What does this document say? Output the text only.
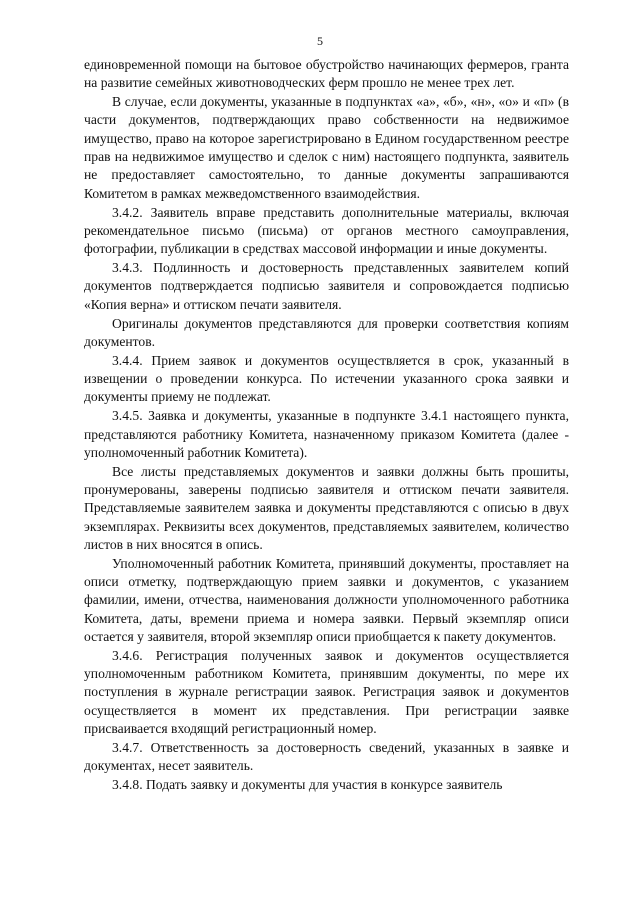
5

единовременной помощи на бытовое обустройство начинающих фермеров, гранта на развитие семейных животноводческих ферм прошло не менее трех лет.

В случае, если документы, указанные в подпунктах «а», «б», «н», «о» и «п» (в части документов, подтверждающих право собственности на недвижимое имущество, право на которое зарегистрировано в Едином государственном реестре прав на недвижимое имущество и сделок с ним) настоящего подпункта, заявитель не предоставляет самостоятельно, то данные документы запрашиваются Комитетом в рамках межведомственного взаимодействия.

3.4.2. Заявитель вправе представить дополнительные материалы, включая рекомендательное письмо (письма) от органов местного самоуправления, фотографии, публикации в средствах массовой информации и иные документы.

3.4.3. Подлинность и достоверность представленных заявителем копий документов подтверждается подписью заявителя и сопровождается подписью «Копия верна» и оттиском печати заявителя.

Оригиналы документов представляются для проверки соответствия копиям документов.

3.4.4. Прием заявок и документов осуществляется в срок, указанный в извещении о проведении конкурса. По истечении указанного срока заявки и документы приему не подлежат.

3.4.5. Заявка и документы, указанные в подпункте 3.4.1 настоящего пункта, представляются работнику Комитета, назначенному приказом Комитета (далее - уполномоченный работник Комитета).

Все листы представляемых документов и заявки должны быть прошиты, пронумерованы, заверены подписью заявителя и оттиском печати заявителя. Представляемые заявителем заявка и документы представляются с описью в двух экземплярах. Реквизиты всех документов, представляемых заявителем, количество листов в них вносятся в опись.

Уполномоченный работник Комитета, принявший документы, проставляет на описи отметку, подтверждающую прием заявки и документов, с указанием фамилии, имени, отчества, наименования должности уполномоченного работника Комитета, даты, времени приема и номера заявки. Первый экземпляр описи остается у заявителя, второй экземпляр описи приобщается к пакету документов.

3.4.6. Регистрация полученных заявок и документов осуществляется уполномоченным работником Комитета, принявшим документы, по мере их поступления в журнале регистрации заявок. Регистрация заявок и документов осуществляется в момент их представления. При регистрации заявке присваивается входящий регистрационный номер.

3.4.7. Ответственность за достоверность сведений, указанных в заявке и документах, несет заявитель.

3.4.8. Подать заявку и документы для участия в конкурсе заявитель
